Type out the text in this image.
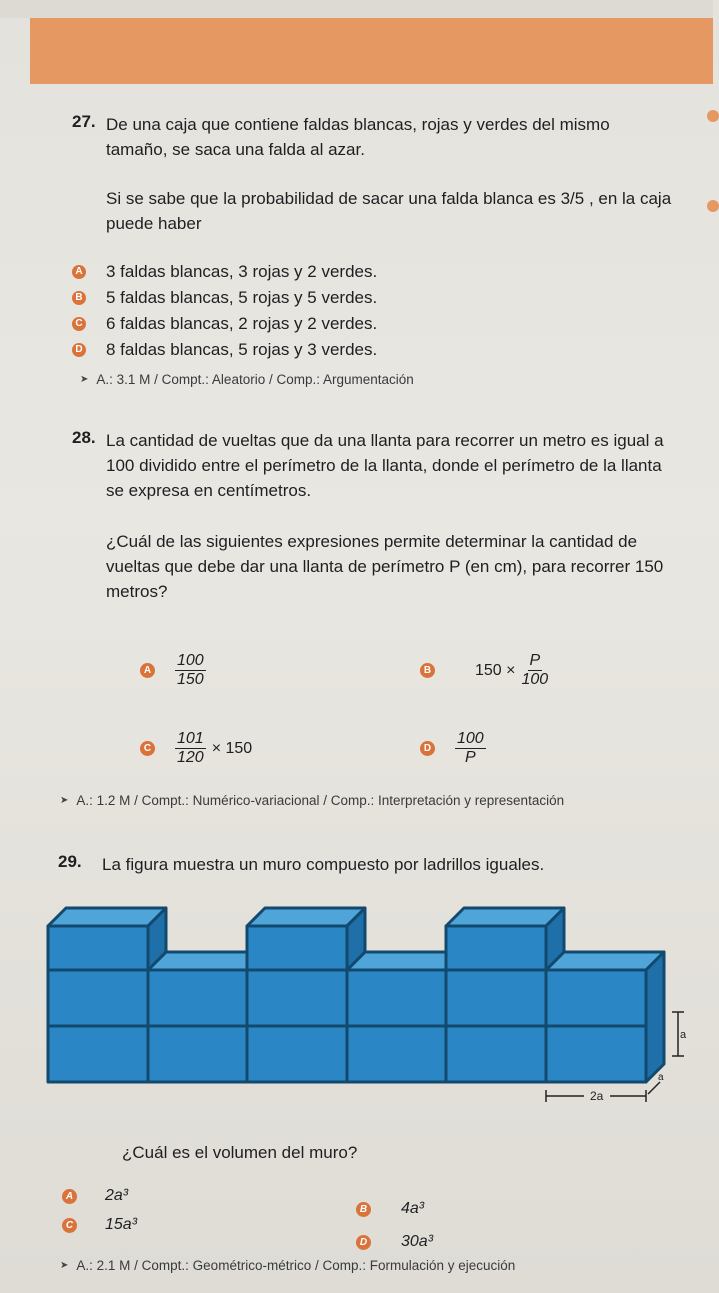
27. De una caja que contiene faldas blancas, rojas y verdes del mismo tamaño, se saca una falda al azar.
Si se sabe que la probabilidad de sacar una falda blanca es 3/5 , en la caja puede haber
A 3 faldas blancas, 3 rojas y 2 verdes.
B 5 faldas blancas, 5 rojas y 5 verdes.
C 6 faldas blancas, 2 rojas y 2 verdes.
D 8 faldas blancas, 5 rojas y 3 verdes.
➤ A.: 3.1 M / Compt.: Aleatorio / Comp.: Argumentación
28. La cantidad de vueltas que da una llanta para recorrer un metro es igual a 100 dividido entre el perímetro de la llanta, donde el perímetro de la llanta se expresa en centímetros.
¿Cuál de las siguientes expresiones permite determinar la cantidad de vueltas que debe dar una llanta de perímetro P (en cm), para recorrer 150 metros?
A $\frac{100}{150}$	B	$150 \times \frac{P}{100}$
C $\frac{101}{120} \times 150$	D $\frac{100}{P}$
➤ A.: 1.2 M / Compt.: Numérico-variacional / Comp.: Interpretación y representación
29. La figura muestra un muro compuesto por ladrillos iguales.
a
2a
a
¿Cuál es el volumen del muro?
A 2a³
B 4a³
C 15a³
D 30a³
➤ A.: 2.1 M / Compt.: Geométrico-métrico / Comp.: Formulación y ejecución
